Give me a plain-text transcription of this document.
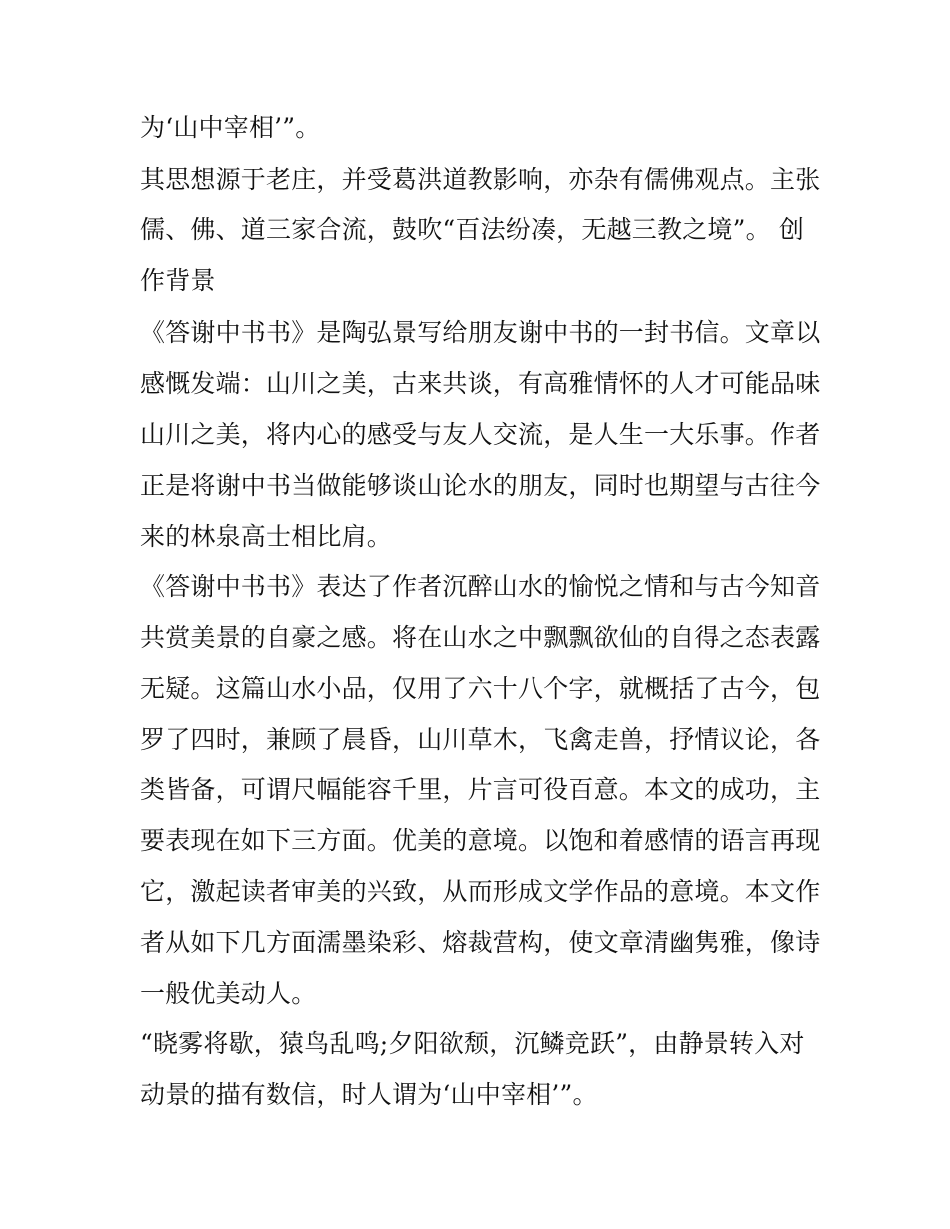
为‘山中宰相’”。

其思想源于老庄，并受葛洪道教影响，亦杂有儒佛观点。主张

儒、佛、道三家合流，鼓吹“百法纷凑，无越三教之境”。 创

作背景

《答谢中书书》是陶弘景写给朋友谢中书的一封书信。文章以

感慨发端：山川之美，古来共谈，有高雅情怀的人才可能品味

山川之美，将内心的感受与友人交流，是人生一大乐事。作者

正是将谢中书当做能够谈山论水的朋友，同时也期望与古往今

来的林泉高士相比肩。

《答谢中书书》表达了作者沉醉山水的愉悦之情和与古今知音

共赏美景的自豪之感。将在山水之中飘飘欲仙的自得之态表露

无疑。这篇山水小品，仅用了六十八个字，就概括了古今，包

罗了四时，兼顾了晨昏，山川草木，飞禽走兽，抒情议论，各

类皆备，可谓尺幅能容千里，片言可役百意。本文的成功，主

要表现在如下三方面。优美的意境。以饱和着感情的语言再现

它，激起读者审美的兴致，从而形成文学作品的意境。本文作

者从如下几方面濡墨染彩、熔裁营构，使文章清幽隽雅，像诗

一般优美动人。

“晓雾将歇，猿鸟乱鸣;夕阳欲颓，沉鳞竞跃”，由静景转入对

动景的描有数信，时人谓为‘山中宰相’”。
